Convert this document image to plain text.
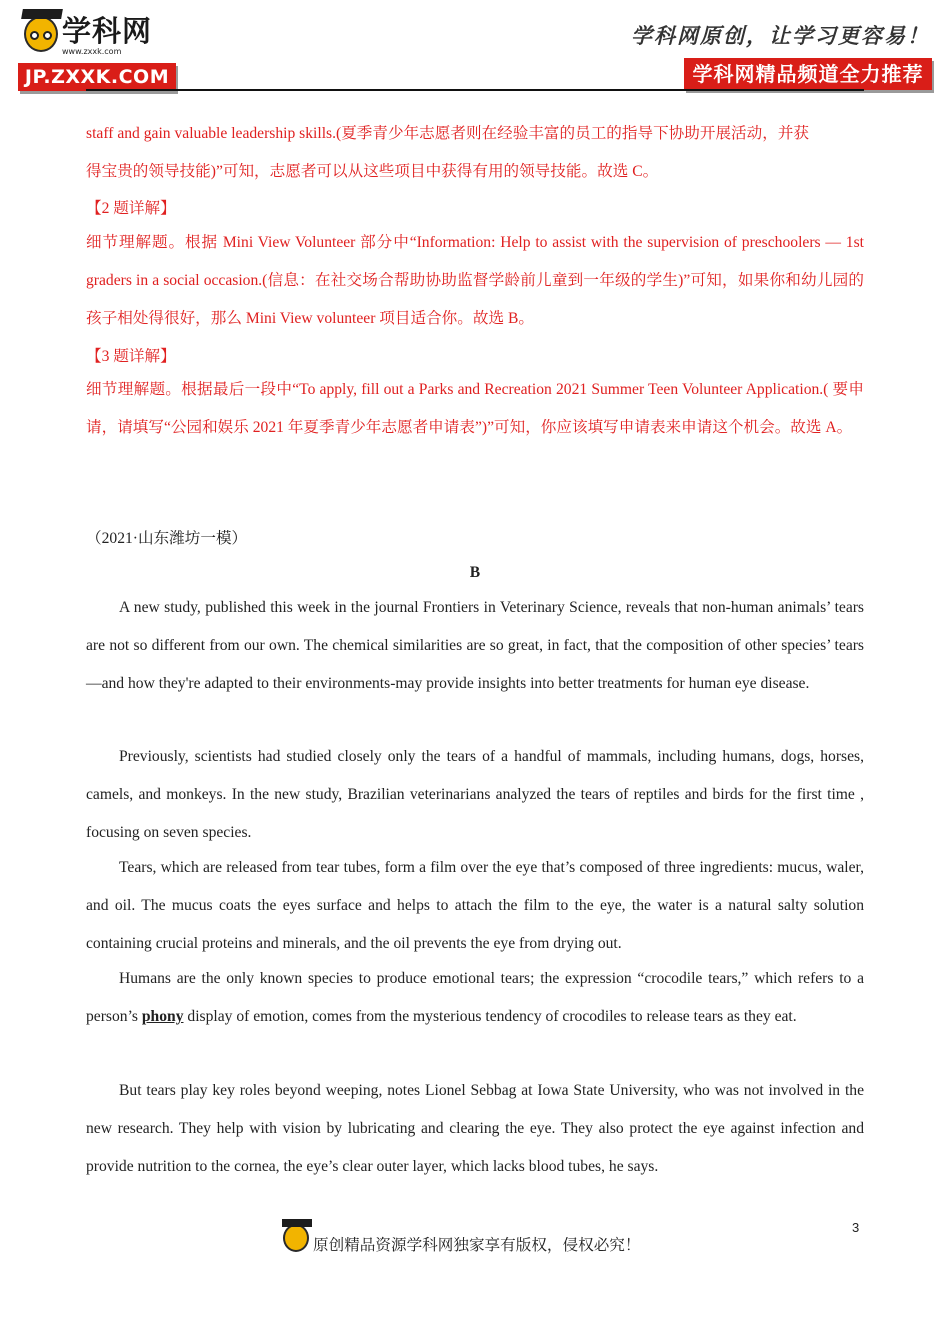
学科网
www.zxxk.com
JP.ZXXK.COM
学科网原创，让学习更容易！
学科网精品频道全力推荐
staff and gain valuable leadership skills.(夏季青少年志愿者则在经验丰富的员工的指导下协助开展活动，并获
得宝贵的领导技能)”可知，志愿者可以从这些项目中获得有用的领导技能。故选 C。
【2 题详解】
细节理解题。根据 Mini View Volunteer 部分中“Information: Help to assist with the supervision of preschoolers — 1st graders in a social occasion.(信息：在社交场合帮助协助监督学龄前儿童到一年级的学生)”可知，如果你和幼儿园的孩子相处得很好，那么 Mini View volunteer 项目适合你。故选 B。
【3 题详解】
细节理解题。根据最后一段中“To apply, fill out a Parks and Recreation 2021 Summer Teen Volunteer Application.( 要申请，请填写“公园和娱乐 2021 年夏季青少年志愿者申请表”)”可知，你应该填写申请表来申请这个机会。故选 A。
（2021·山东潍坊一模）
B
A new study, published this week in the journal Frontiers in Veterinary Science, reveals that non-human animals’ tears are not so different from our own. The chemical similarities are so great, in fact, that the composition of other species’ tears—and how they're adapted to their environments-may provide insights into better treatments for human eye disease.
Previously, scientists had studied closely only the tears of a handful of mammals, including humans, dogs, horses, camels, and monkeys. In the new study, Brazilian veterinarians analyzed the tears of reptiles and birds for the first time , focusing on seven species.
Tears, which are released from tear tubes, form a film over the eye that’s composed of three ingredients: mucus, waler, and oil. The mucus coats the eyes surface and helps to attach the film to the eye, the water is a natural salty solution containing crucial proteins and minerals, and the oil prevents the eye from drying out.
Humans are the only known species to produce emotional tears; the expression “crocodile tears,” which refers to a person’s phony display of emotion, comes from the mysterious tendency of crocodiles to release tears as they eat.
But tears play key roles beyond weeping, notes Lionel Sebbag at Iowa State University, who was not involved in the new research. They help with vision by lubricating and clearing the eye. They also protect the eye against infection and provide nutrition to the cornea, the eye’s clear outer layer, which lacks blood tubes, he says.
3
原创精品资源学科网独家享有版权，侵权必究！
